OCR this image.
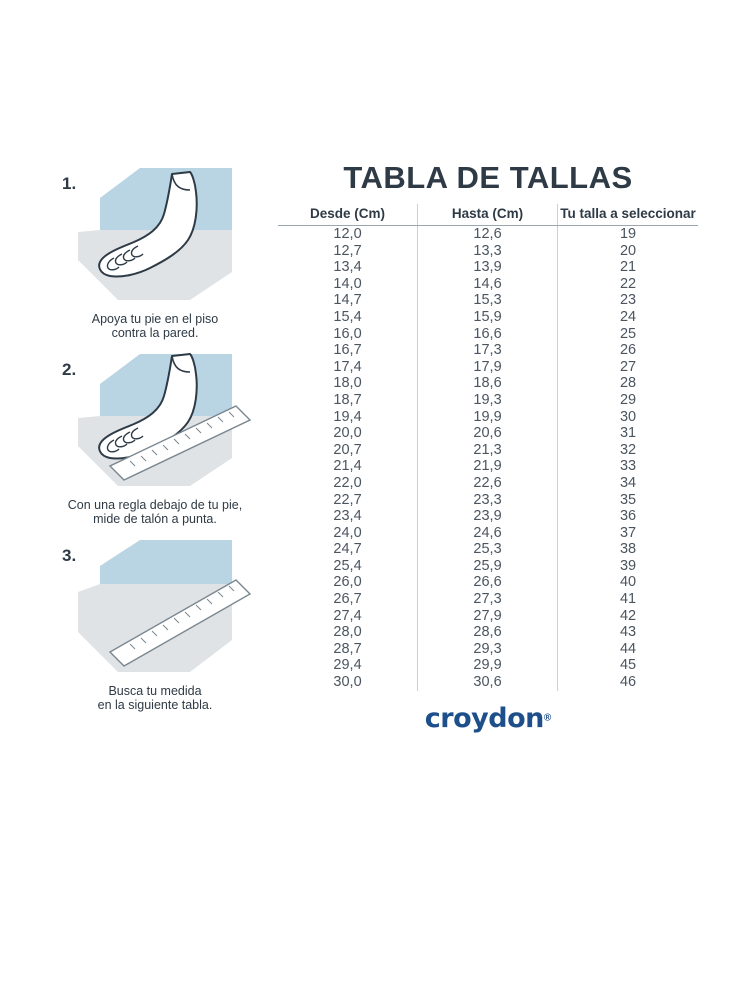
1.
Apoya tu pie en el piso
contra la pared.
2.
Con una regla debajo de tu pie,
mide de talón a punta.
3.
Busca tu medida
en la siguiente tabla.
TABLA DE TALLAS
Desde (Cm)	Hasta (Cm)	Tu talla a seleccionar
12,0	12,6	19
12,7	13,3	20
13,4	13,9	21
14,0	14,6	22
14,7	15,3	23
15,4	15,9	24
16,0	16,6	25
16,7	17,3	26
17,4	17,9	27
18,0	18,6	28
18,7	19,3	29
19,4	19,9	30
20,0	20,6	31
20,7	21,3	32
21,4	21,9	33
22,0	22,6	34
22,7	23,3	35
23,4	23,9	36
24,0	24,6	37
24,7	25,3	38
25,4	25,9	39
26,0	26,6	40
26,7	27,3	41
27,4	27,9	42
28,0	28,6	43
28,7	29,3	44
29,4	29,9	45
30,0	30,6	46
croydon®
